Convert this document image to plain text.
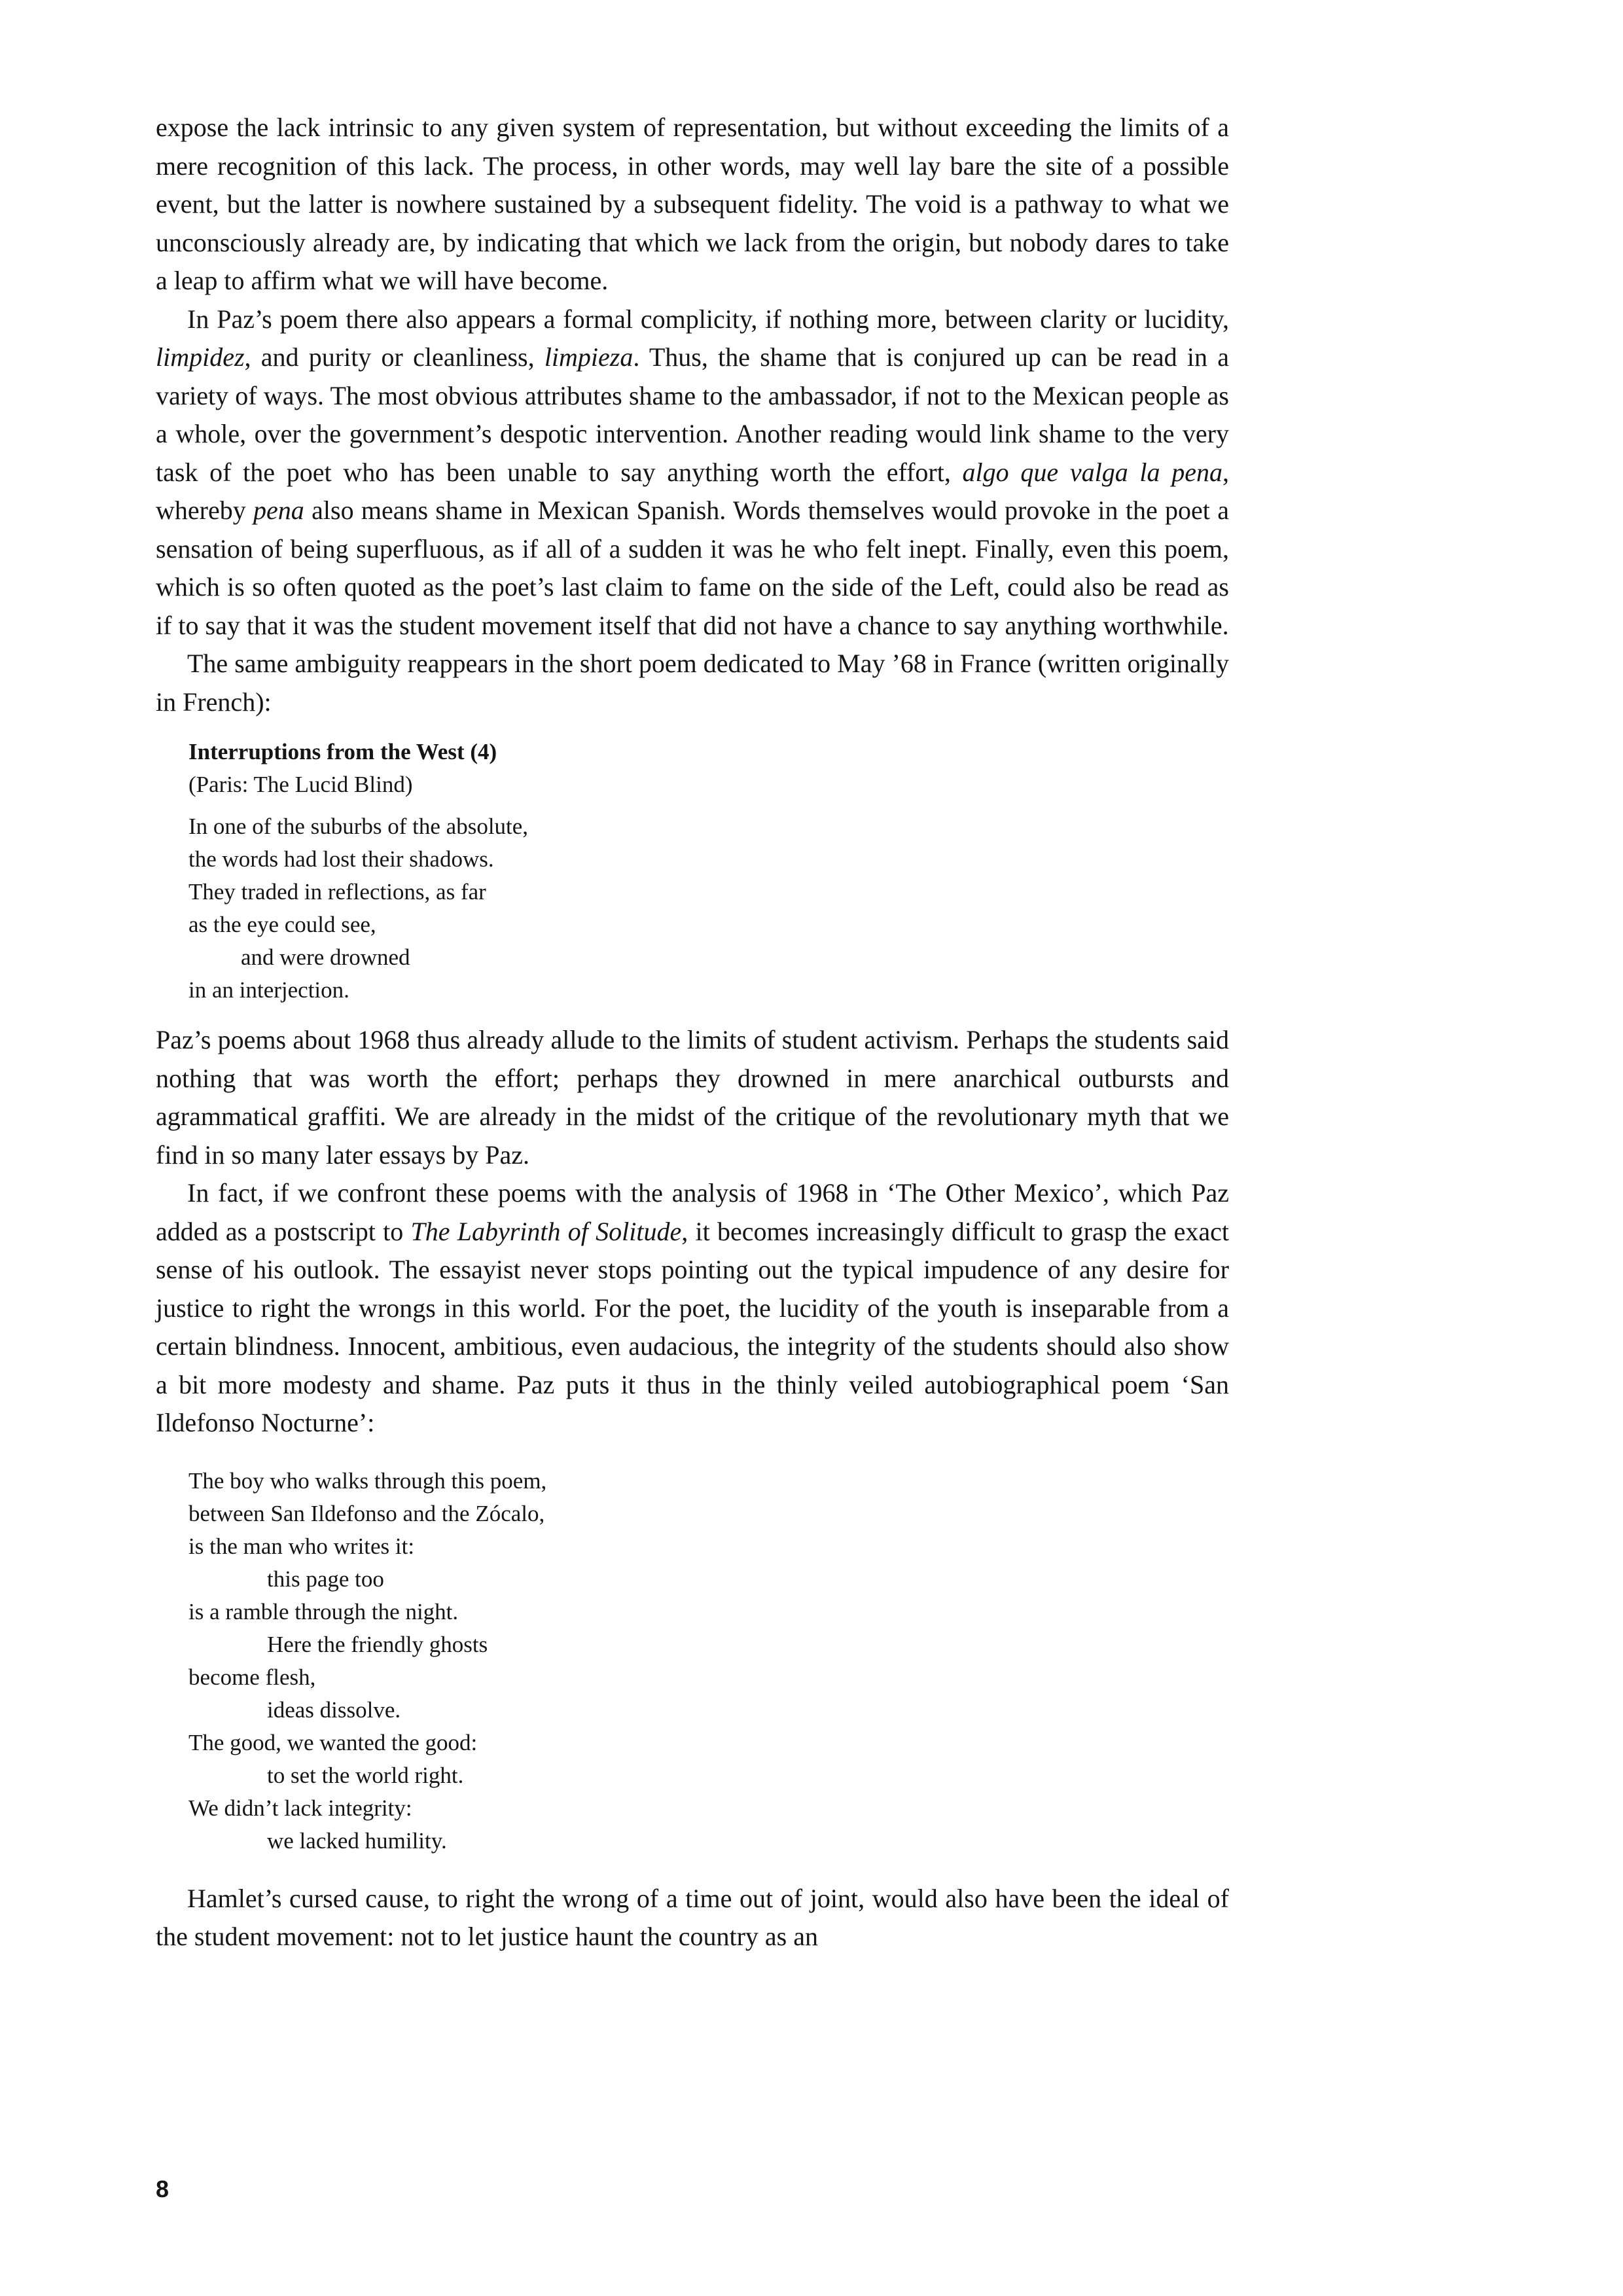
expose the lack intrinsic to any given system of representation, but without exceeding the limits of a mere recognition of this lack. The process, in other words, may well lay bare the site of a possible event, but the latter is nowhere sustained by a subsequent fidelity. The void is a pathway to what we unconsciously already are, by indicating that which we lack from the origin, but nobody dares to take a leap to affirm what we will have become.

In Paz’s poem there also appears a formal complicity, if nothing more, between clarity or lucidity, limpidez, and purity or cleanliness, limpieza. Thus, the shame that is conjured up can be read in a variety of ways. The most obvious attributes shame to the ambassador, if not to the Mexican people as a whole, over the government’s despotic intervention. Another reading would link shame to the very task of the poet who has been unable to say anything worth the effort, algo que valga la pena, whereby pena also means shame in Mexican Spanish. Words themselves would provoke in the poet a sensation of being superfluous, as if all of a sudden it was he who felt inept. Finally, even this poem, which is so often quoted as the poet’s last claim to fame on the side of the Left, could also be read as if to say that it was the student movement itself that did not have a chance to say anything worthwhile.

The same ambiguity reappears in the short poem dedicated to May ’68 in France (written originally in French):

Interruptions from the West (4)
(Paris: The Lucid Blind)
In one of the suburbs of the absolute,
the words had lost their shadows.
They traded in reflections, as far
as the eye could see,
and were drowned
in an interjection.

Paz’s poems about 1968 thus already allude to the limits of student activism. Perhaps the students said nothing that was worth the effort; perhaps they drowned in mere anarchical outbursts and agrammatical graffiti. We are already in the midst of the critique of the revolutionary myth that we find in so many later essays by Paz.

In fact, if we confront these poems with the analysis of 1968 in ‘The Other Mexico’, which Paz added as a postscript to The Labyrinth of Solitude, it becomes increasingly difficult to grasp the exact sense of his outlook. The essayist never stops pointing out the typical impudence of any desire for justice to right the wrongs in this world. For the poet, the lucidity of the youth is inseparable from a certain blindness. Innocent, ambitious, even audacious, the integrity of the students should also show a bit more modesty and shame. Paz puts it thus in the thinly veiled autobiographical poem ‘San Ildefonso Nocturne’:

The boy who walks through this poem,
between San Ildefonso and the Zócalo,
is the man who writes it:
this page too
is a ramble through the night.
Here the friendly ghosts
become flesh,
ideas dissolve.
The good, we wanted the good:
to set the world right.
We didn’t lack integrity:
we lacked humility.

Hamlet’s cursed cause, to right the wrong of a time out of joint, would also have been the ideal of the student movement: not to let justice haunt the country as an

8
